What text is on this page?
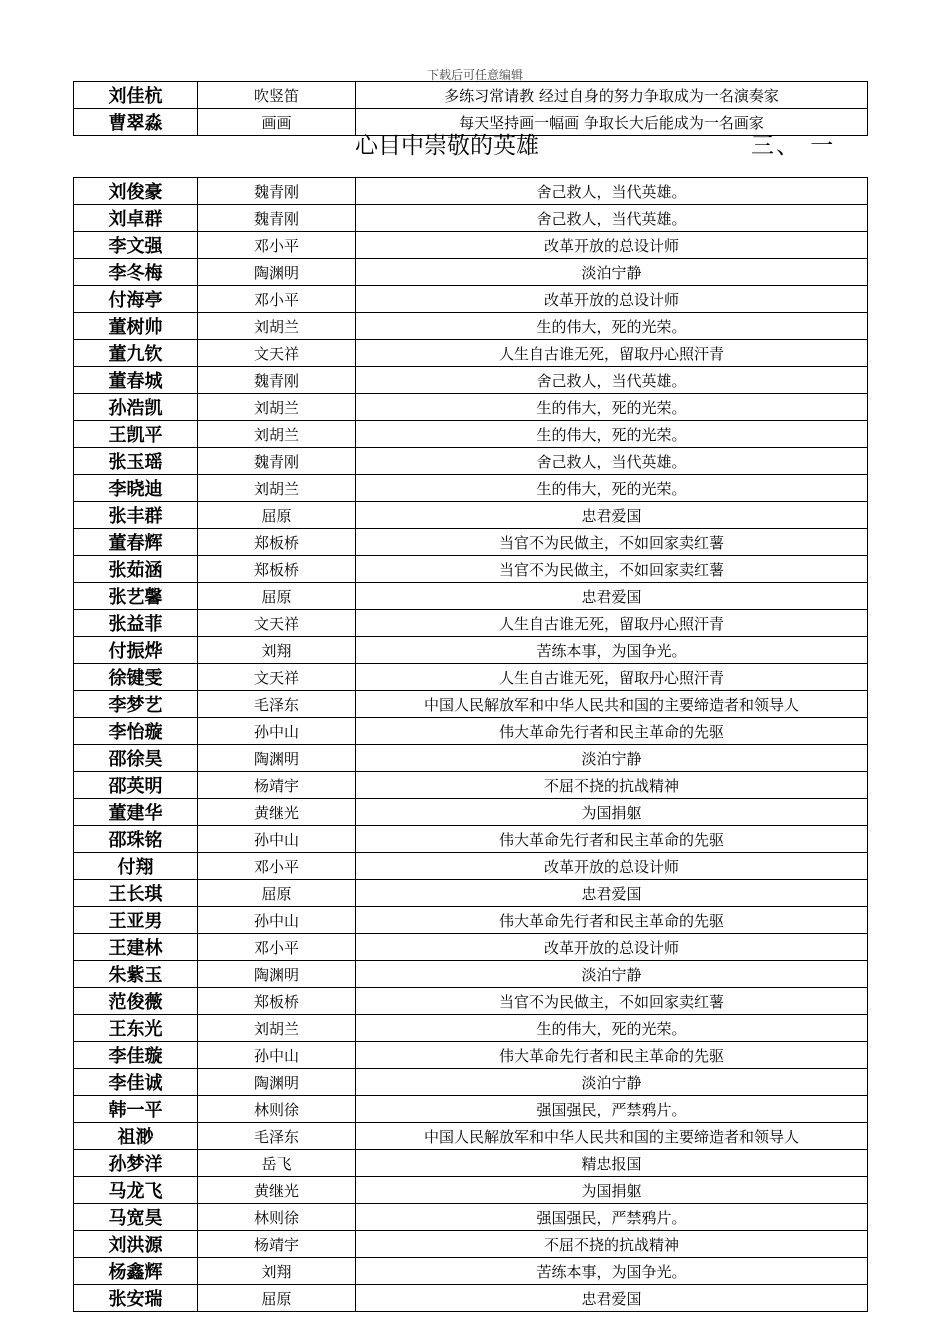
下载后可任意编辑
刘佳杭	吹竖笛	多练习常请教 经过自身的努力争取成为一名演奏家
曹翠淼	画画	每天坚持画一幅画 争取长大后能成为一名画家
心目中崇敬的英雄	三、 一
刘俊豪	魏青刚	舍己救人，当代英雄。
刘卓群	魏青刚	舍己救人，当代英雄。
李文强	邓小平	改革开放的总设计师
李冬梅	陶渊明	淡泊宁静
付海亭	邓小平	改革开放的总设计师
董树帅	刘胡兰	生的伟大，死的光荣。
董九钦	文天祥	人生自古谁无死，留取丹心照汗青
董春城	魏青刚	舍己救人，当代英雄。
孙浩凯	刘胡兰	生的伟大，死的光荣。
王凯平	刘胡兰	生的伟大，死的光荣。
张玉瑶	魏青刚	舍己救人，当代英雄。
李晓迪	刘胡兰	生的伟大，死的光荣。
张丰群	屈原	忠君爱国
董春辉	郑板桥	当官不为民做主，不如回家卖红薯
张茹涵	郑板桥	当官不为民做主，不如回家卖红薯
张艺馨	屈原	忠君爱国
张益菲	文天祥	人生自古谁无死，留取丹心照汗青
付振烨	刘翔	苦练本事，为国争光。
徐键雯	文天祥	人生自古谁无死，留取丹心照汗青
李梦艺	毛泽东	中国人民解放军和中华人民共和国的主要缔造者和领导人
李怡璇	孙中山	伟大革命先行者和民主革命的先驱
邵徐昊	陶渊明	淡泊宁静
邵英明	杨靖宇	不屈不挠的抗战精神
董建华	黄继光	为国捐躯
邵珠铭	孙中山	伟大革命先行者和民主革命的先驱
付翔	邓小平	改革开放的总设计师
王长琪	屈原	忠君爱国
王亚男	孙中山	伟大革命先行者和民主革命的先驱
王建林	邓小平	改革开放的总设计师
朱紫玉	陶渊明	淡泊宁静
范俊薇	郑板桥	当官不为民做主，不如回家卖红薯
王东光	刘胡兰	生的伟大，死的光荣。
李佳璇	孙中山	伟大革命先行者和民主革命的先驱
李佳诚	陶渊明	淡泊宁静
韩一平	林则徐	强国强民，严禁鸦片。
祖渺	毛泽东	中国人民解放军和中华人民共和国的主要缔造者和领导人
孙梦洋	岳飞	精忠报国
马龙飞	黄继光	为国捐躯
马宽昊	林则徐	强国强民，严禁鸦片。
刘洪源	杨靖宇	不屈不挠的抗战精神
杨鑫辉	刘翔	苦练本事，为国争光。
张安瑞	屈原	忠君爱国
